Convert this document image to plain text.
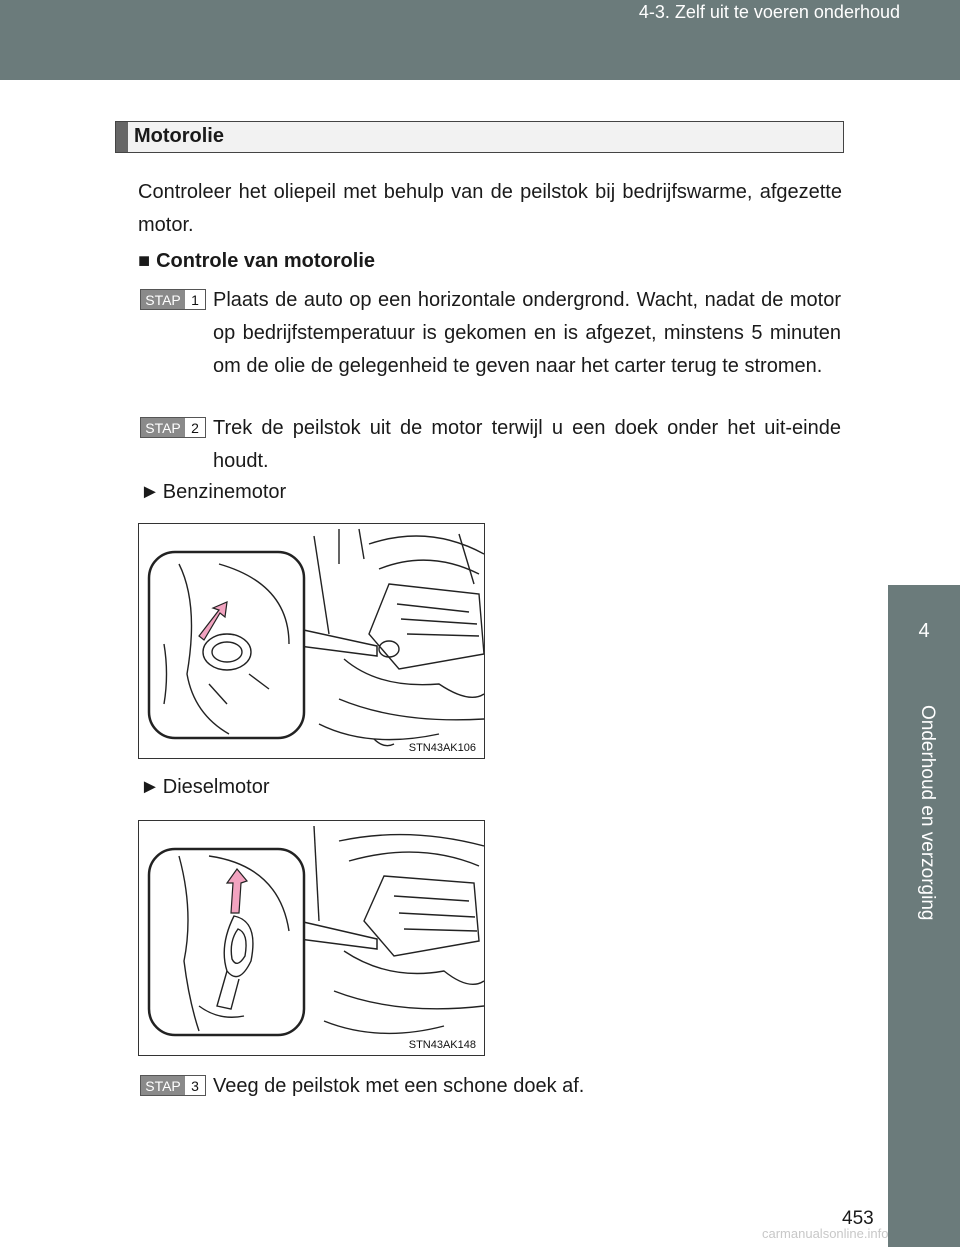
4-3. Zelf uit te voeren onderhoud
4
Onderhoud en verzorging
Motorolie
Controleer het oliepeil met behulp van de peilstok bij bedrijfswarme, afgezette motor.
■ Controle van motorolie
STAP 1 Plaats de auto op een horizontale ondergrond. Wacht, nadat de motor op bedrijfstemperatuur is gekomen en is afgezet, minstens 5 minuten om de olie de gelegenheid te geven naar het carter terug te stromen.
STAP 2 Trek de peilstok uit de motor terwijl u een doek onder het uit-einde houdt.
► Benzinemotor
STN43AK106
► Dieselmotor
STN43AK148
STAP 3 Veeg de peilstok met een schone doek af.
453
carmanualsonline.info
